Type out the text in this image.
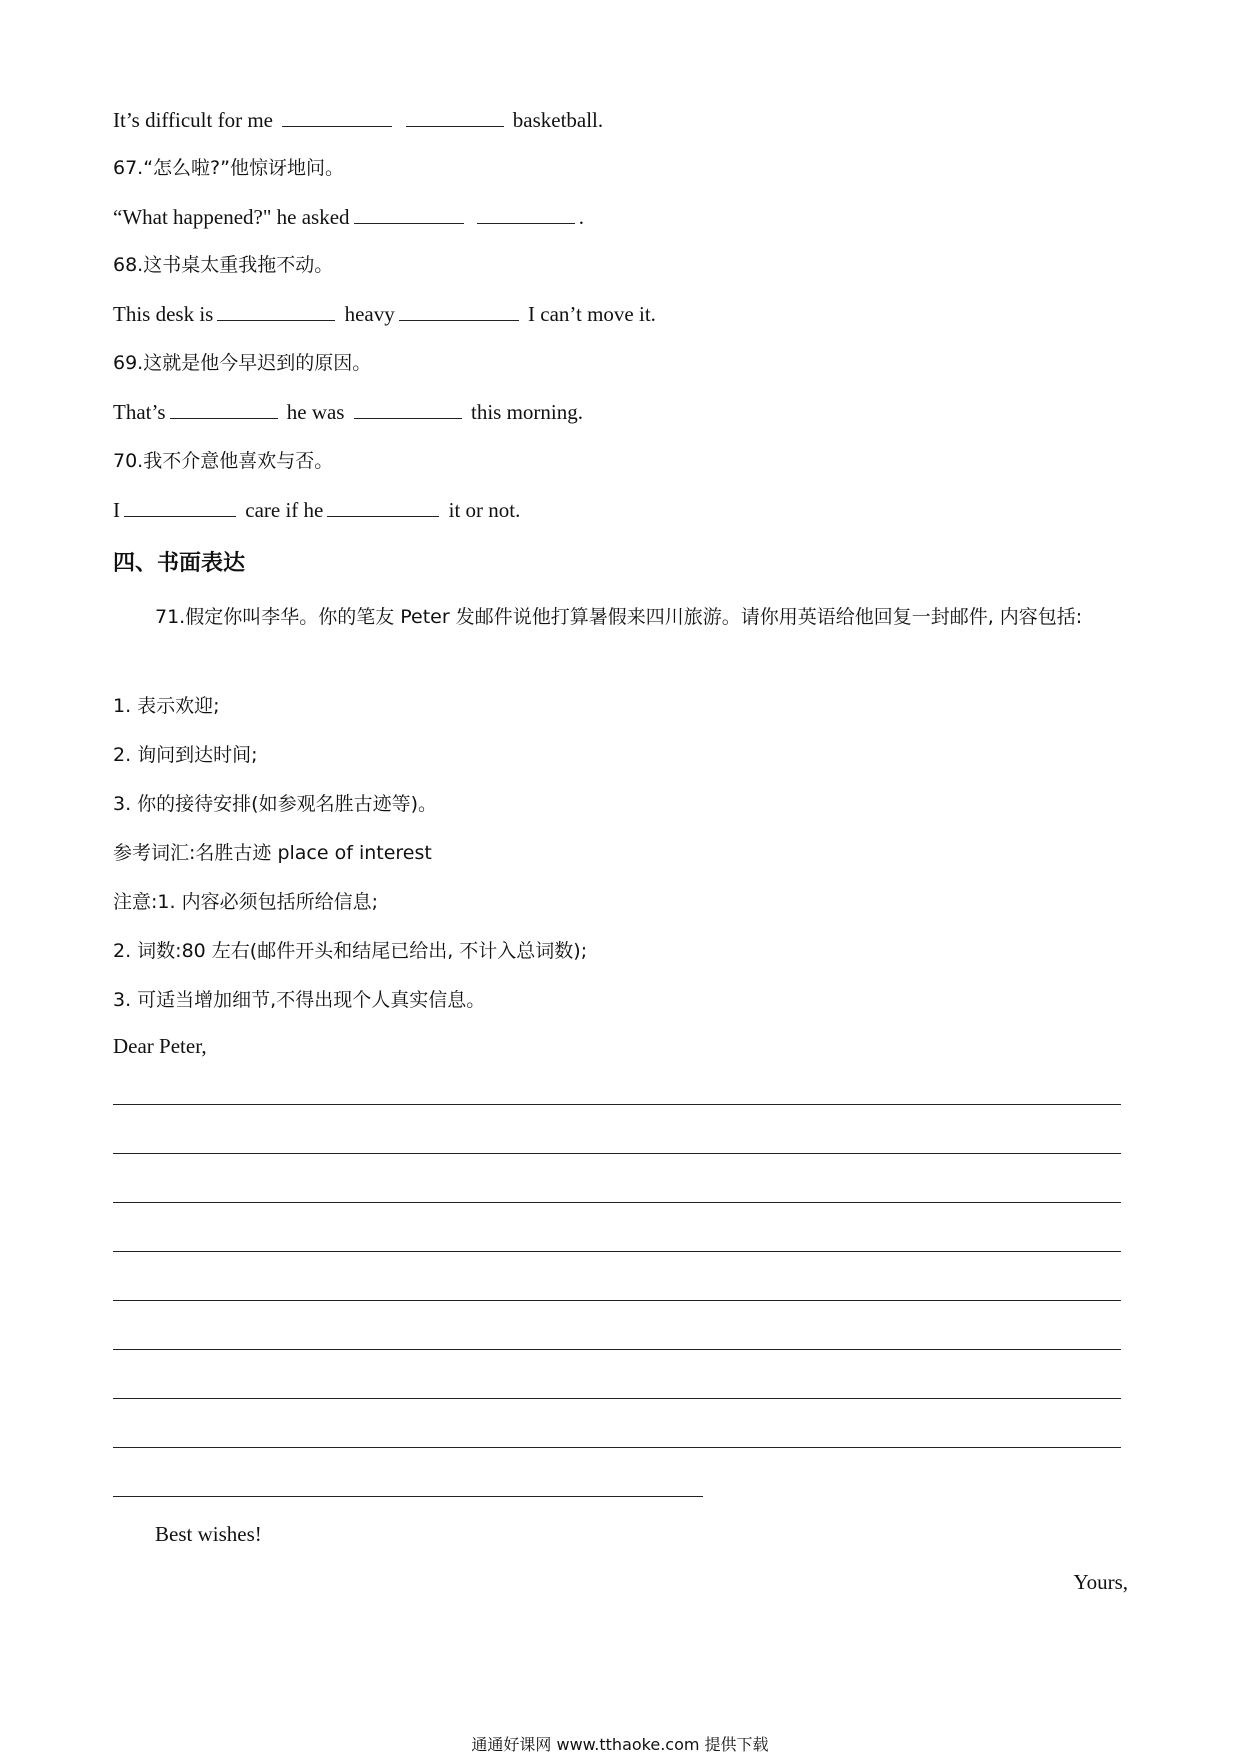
It’s difficult for me	basketball.
67.“怎么啦?”他惊讶地问。
“What happened?" he asked	.
68.这书桌太重我拖不动。
This desk is	heavy	I can’t move it.
69.这就是他今早迟到的原因。
That’s	he was	this morning.
70.我不介意他喜欢与否。
I	care if he	it or not.
四、书面表达
71.假定你叫李华。你的笔友 Peter 发邮件说他打算暑假来四川旅游。请你用英语给他回复一封邮件, 内容包括:
1. 表示欢迎;
2. 询问到达时间;
3. 你的接待安排(如参观名胜古迹等)。
参考词汇:名胜古迹 place of interest
注意:1. 内容必须包括所给信息;
2. 词数:80 左右(邮件开头和结尾已给出, 不计入总词数);
3. 可适当增加细节,不得出现个人真实信息。
Dear Peter,
Best wishes!
Yours,
通通好课网 www.tthaoke.com 提供下载
